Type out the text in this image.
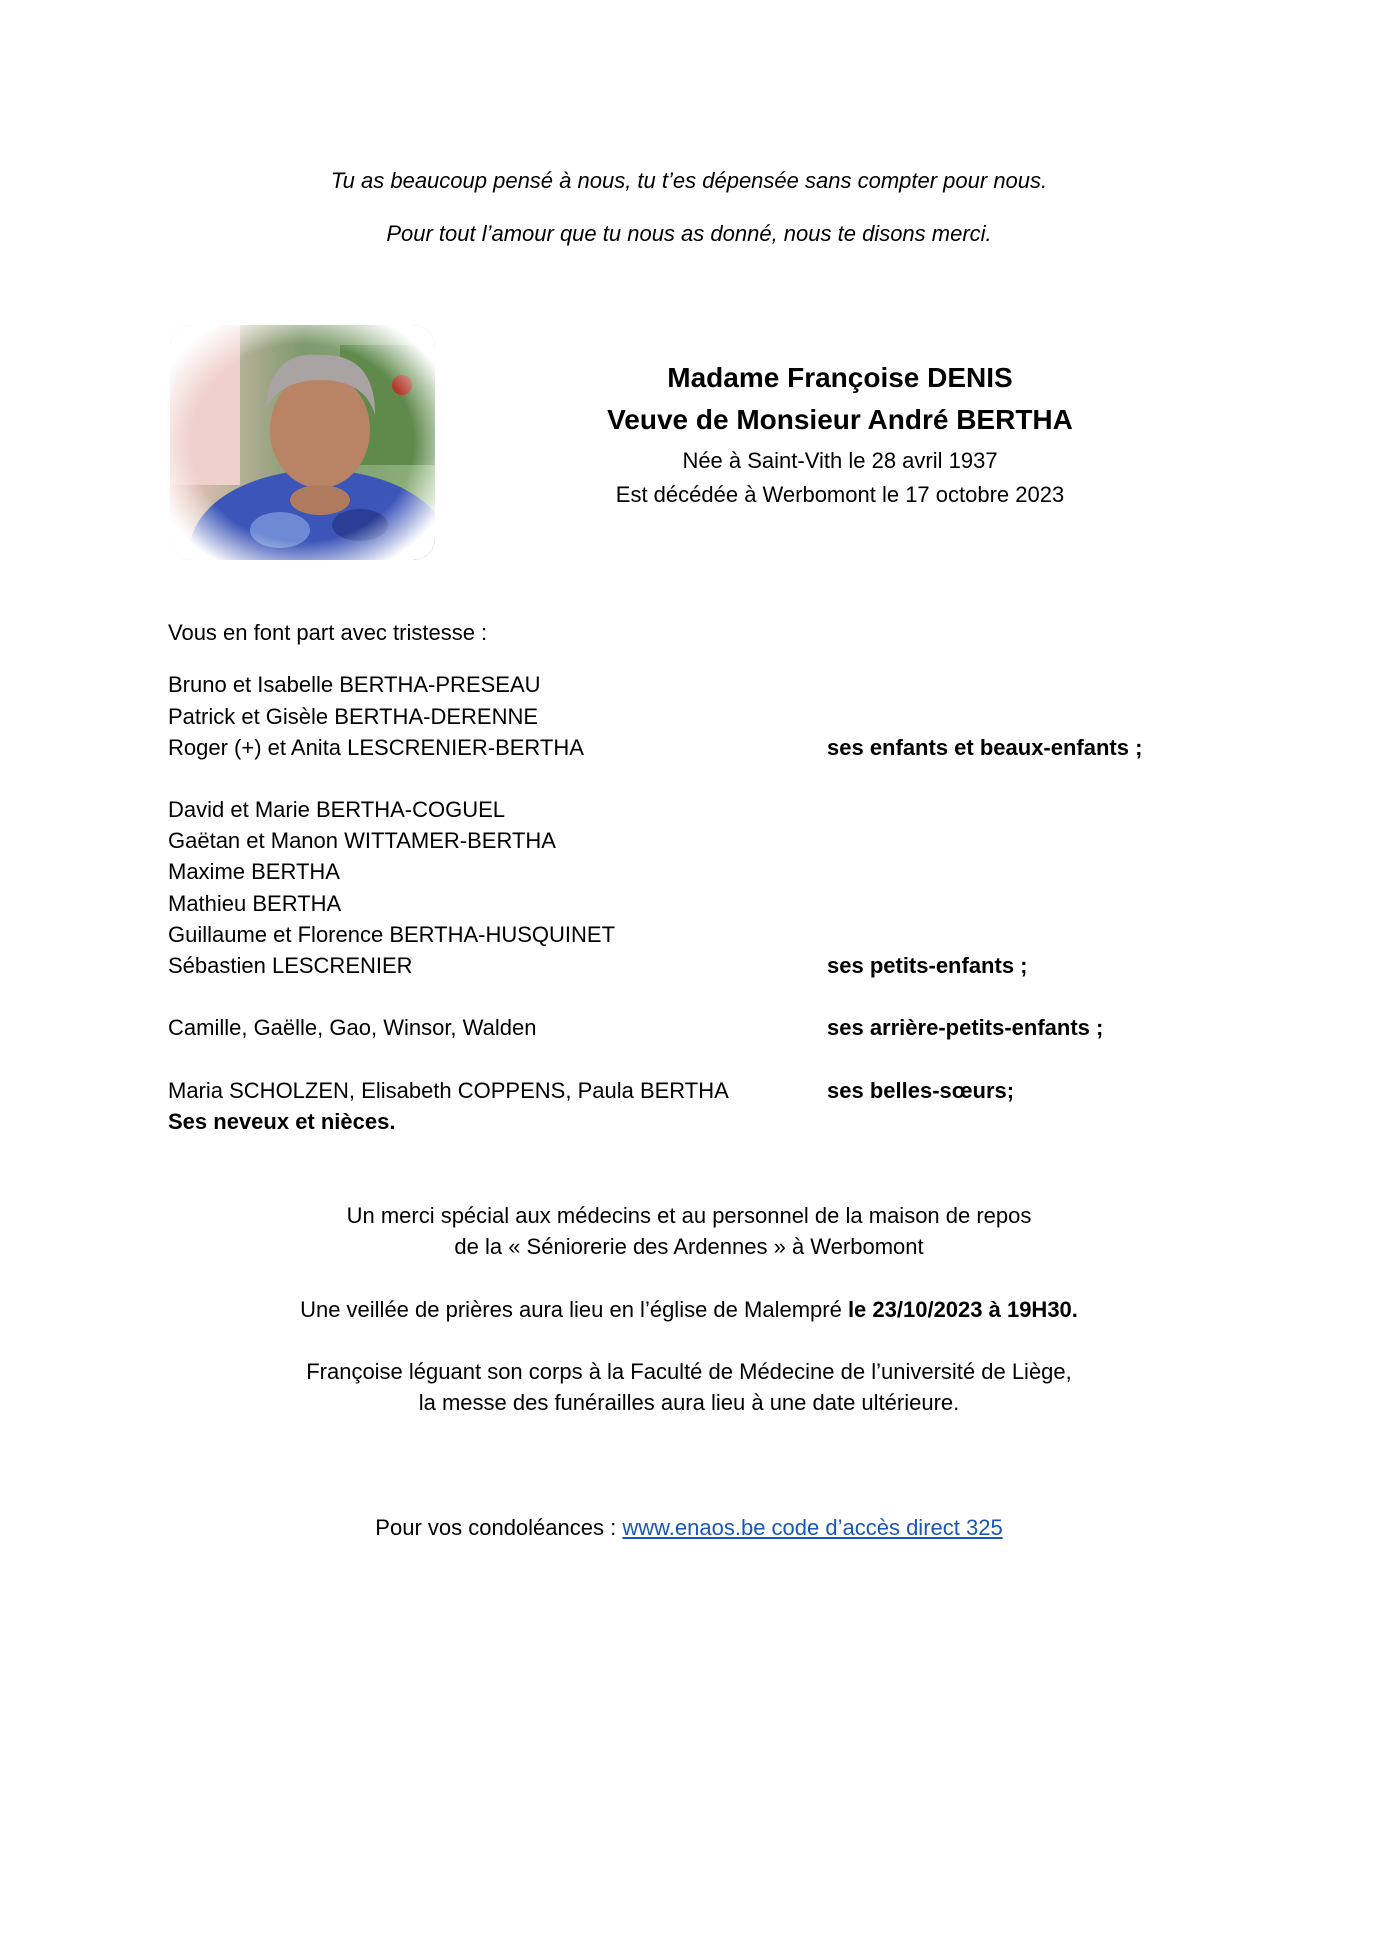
Tu as beaucoup pensé à nous, tu t’es dépensée sans compter pour nous.
Pour tout l’amour que tu nous as donné, nous te disons merci.
Madame Françoise DENIS
Veuve de Monsieur André BERTHA
Née à Saint-Vith le 28 avril 1937
Est décédée à Werbomont le 17 octobre 2023
Vous en font part avec tristesse :
Bruno et Isabelle BERTHA-PRESEAU
Patrick et Gisèle BERTHA-DERENNE
Roger (+) et Anita LESCRENIER-BERTHA	ses enfants et beaux-enfants ;
David et Marie BERTHA-COGUEL
Gaëtan et Manon WITTAMER-BERTHA
Maxime BERTHA
Mathieu BERTHA
Guillaume et Florence BERTHA-HUSQUINET
Sébastien LESCRENIER	ses petits-enfants ;
Camille, Gaëlle, Gao, Winsor, Walden	ses arrière-petits-enfants ;
Maria SCHOLZEN, Elisabeth COPPENS, Paula BERTHA	ses belles-sœurs;
Ses neveux et nièces.
Un merci spécial aux médecins et au personnel de la maison de repos
de la « Séniorerie des Ardennes » à Werbomont
Une veillée de prières aura lieu en l’église de Malempré le 23/10/2023 à 19H30.
Françoise léguant son corps à la Faculté de Médecine de l’université de Liège,
la messe des funérailles aura lieu à une date ultérieure.
Pour vos condoléances : www.enaos.be code d’accès direct 325
